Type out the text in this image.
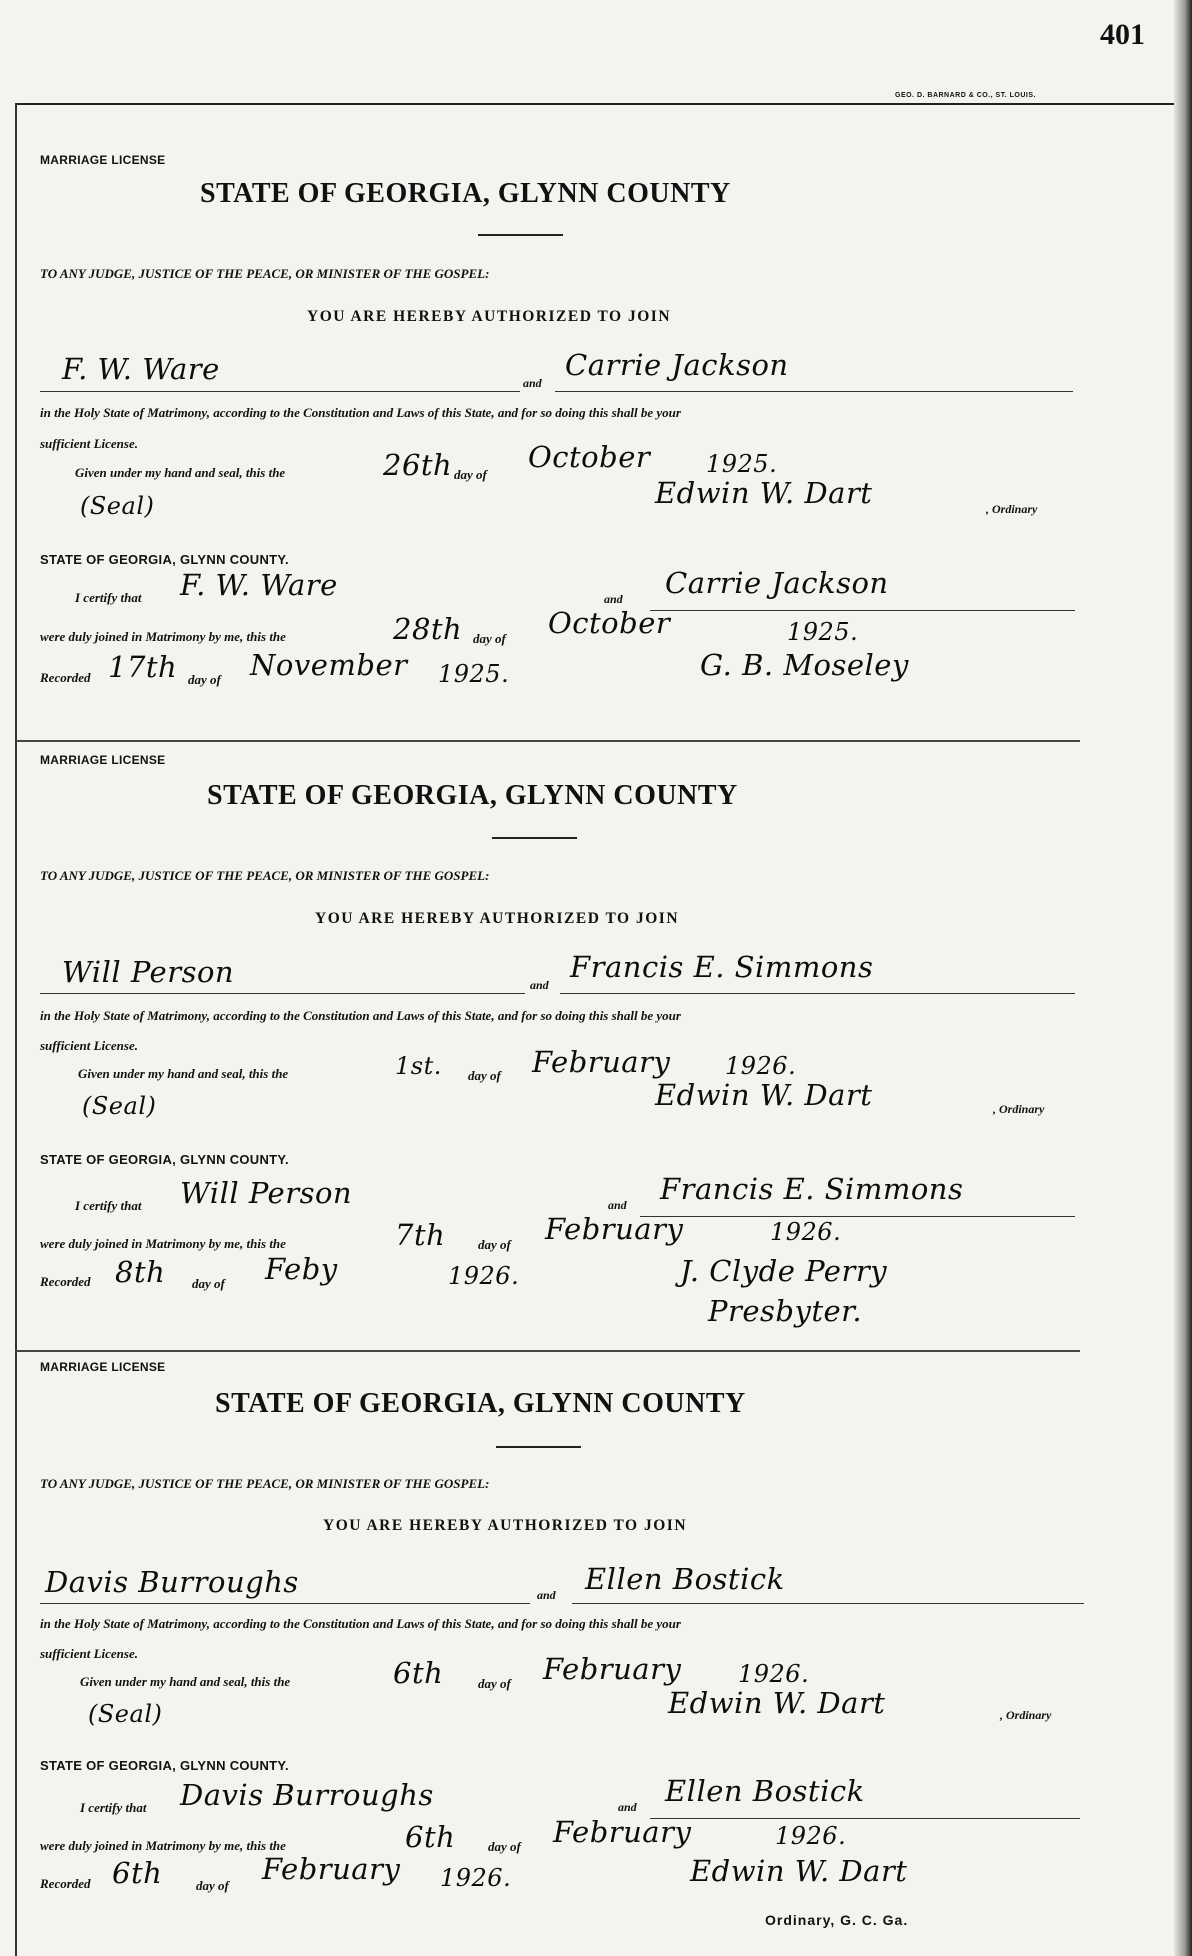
401
GEO. D. BARNARD & CO., ST. LOUIS.
MARRIAGE LICENSE
STATE OF GEORGIA, GLYNN COUNTY
TO ANY JUDGE, JUSTICE OF THE PEACE, OR MINISTER OF THE GOSPEL:
YOU ARE HEREBY AUTHORIZED TO JOIN
F. W. Ware	and
Carrie Jackson
in the Holy State of Matrimony, according to the Constitution and Laws of this State, and for so doing this shall be your
sufficient License.
Given under my hand and seal, this the	26th day of
October 1925.
(Seal)	Edwin W. Dart	, Ordinary
STATE OF GEORGIA, GLYNN COUNTY.
I certify that F. W. Ware	and Carrie Jackson
were duly joined in Matrimony by me, this the	28th day of October	1925.
Recorded 17th day of November 1925.	G. B. Moseley
MARRIAGE LICENSE
STATE OF GEORGIA, GLYNN COUNTY
TO ANY JUDGE, JUSTICE OF THE PEACE, OR MINISTER OF THE GOSPEL:
YOU ARE HEREBY AUTHORIZED TO JOIN
Will Person	and
Francis E. Simmons
in the Holy State of Matrimony, according to the Constitution and Laws of this State, and for so doing this shall be your
sufficient License.
Given under my hand and seal, this the	1st. day of February 1926.
(Seal)	Edwin W. Dart	, Ordinary
STATE OF GEORGIA, GLYNN COUNTY.
I certify that Will Person	and Francis E. Simmons
were duly joined in Matrimony by me, this the	7th	day of February	1926.
Recorded 8th day of Feby	1926.	J. Clyde Perry
Presbyter.
MARRIAGE LICENSE
STATE OF GEORGIA, GLYNN COUNTY
TO ANY JUDGE, JUSTICE OF THE PEACE, OR MINISTER OF THE GOSPEL:
YOU ARE HEREBY AUTHORIZED TO JOIN
Davis Burroughs	and Ellen Bostick
in the Holy State of Matrimony, according to the Constitution and Laws of this State, and for so doing this shall be your
sufficient License.
Given under my hand and seal, this the	6th	day of February 1926.
(Seal)	Edwin W. Dart	, Ordinary
STATE OF GEORGIA, GLYNN COUNTY.
I certify that Davis Burroughs	and Ellen Bostick
were duly joined in Matrimony by me, this the	6th	day of February	1926.
Recorded 6th	day of February 1926.	Edwin W. Dart
Ordinary, G. C. Ga.
